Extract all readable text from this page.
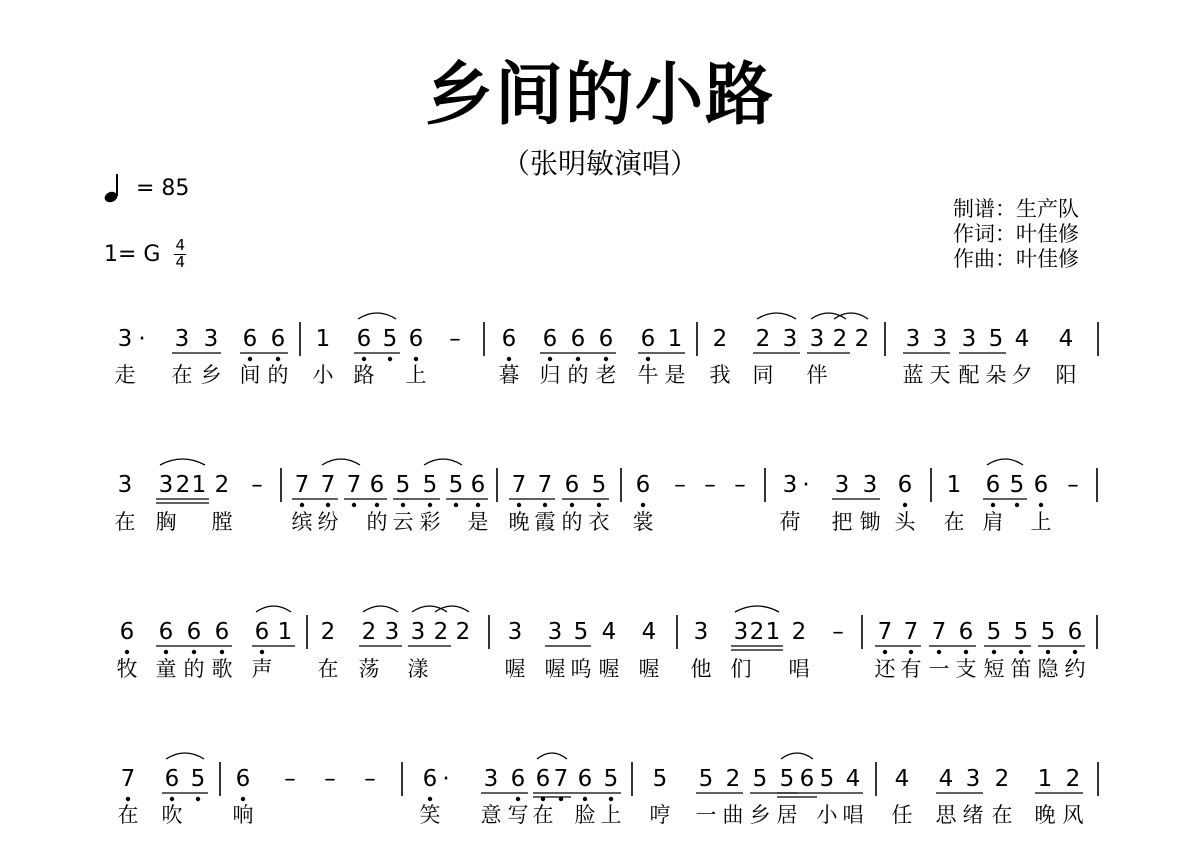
乡间的小路
（张明敏演唱）
= 85
1= G 4
4
制谱：生产队
作词：叶佳修
作曲：叶佳修
3 · 3 3 6 6 1 6 5 6 – 6 6 6 6 6 1 2 2 3 3 2 2 3 3 3 5 4 4
走 在 乡 间 的 小 路 上	暮 归 的 老 牛 是 我 同 伴	蓝 天 配 朵 夕 阳
3 3 2 1 2 – 7 7 7 6 5 5 5 6 7 7 6 5 6 – – – 3 · 3 3 6 1 6 5 6 –
在 胸 膛	缤 纷 的 云 彩 是 晚 霞 的 衣 裳	荷 把 锄 头 在 肩 上
6 6 6 6 6 1 2 2 3 3 2 2 3 3 5 4 4 3 3 2 1 2 – 7 7 7 6 5 5 5 6
牧 童 的 歌 声 在 荡 漾	喔 喔 呜 喔 喔 他 们 唱	还 有 一 支 短 笛 隐 约
7 6 5 6 – – – 6 · 3 6 6 7 6 5 5 5 2 5 5 6 5 4 4 4 3 2 1 2
在 吹 响	笑 意 写 在 脸 上 哼 一 曲 乡 居 小 唱 任 思 绪 在 晚 风
